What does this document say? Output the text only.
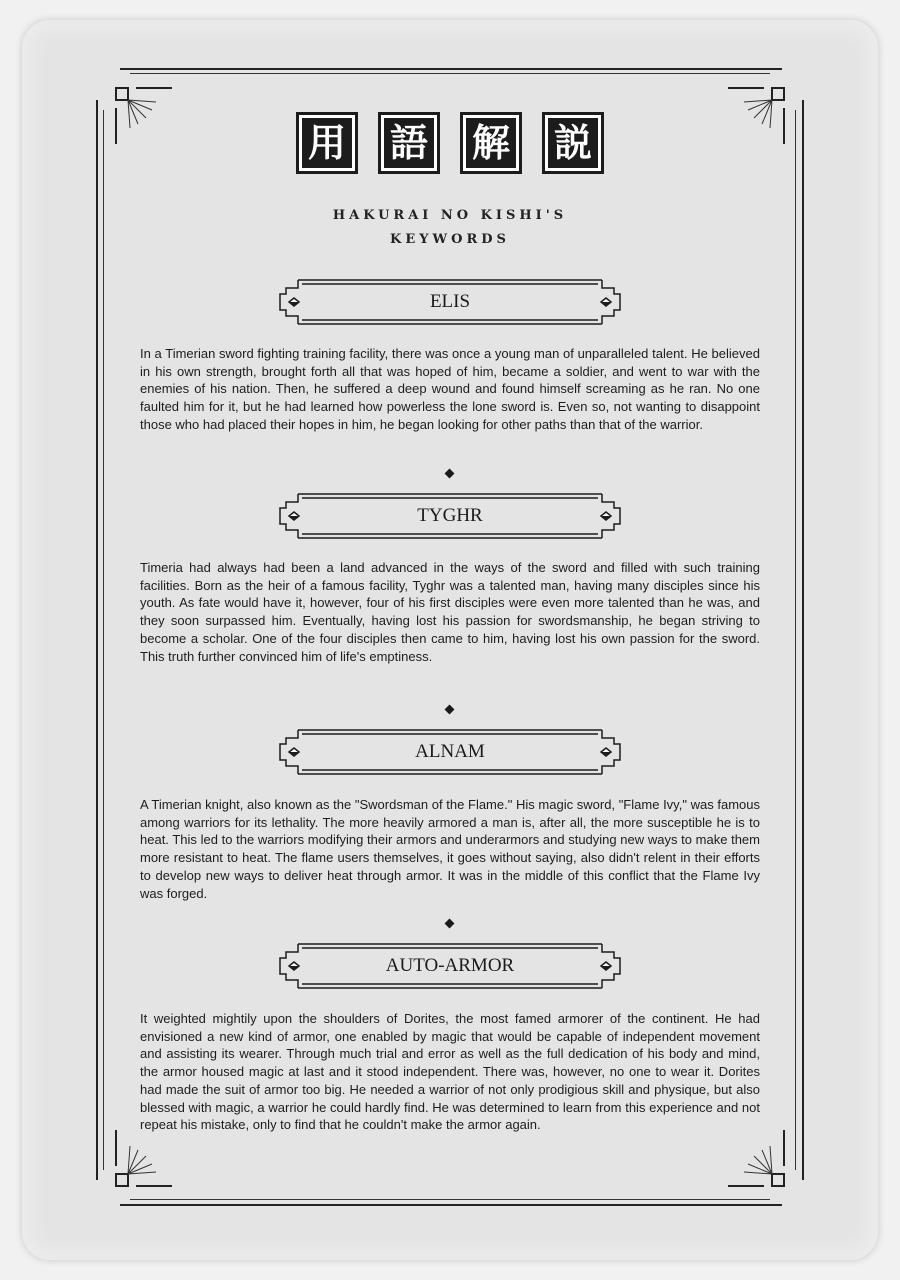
用 語 解 説
HAKURAI NO KISHI'S
KEYWORDS
ELIS

In a Timerian sword fighting training facility, there was once a young man of unparalleled talent. He believed in his own strength, brought forth all that was hoped of him, became a soldier, and went to war with the enemies of his nation. Then, he suffered a deep wound and found himself screaming as he ran. No one faulted him for it, but he had learned how powerless the lone sword is. Even so, not wanting to disappoint those who had placed their hopes in him, he began looking for other paths than that of the warrior.

TYGHR

Timeria had always had been a land advanced in the ways of the sword and filled with such training facilities. Born as the heir of a famous facility, Tyghr was a talented man, having many disciples since his youth. As fate would have it, however, four of his first disciples were even more talented than he was, and they soon surpassed him. Eventually, having lost his passion for swordsmanship, he began striving to become a scholar. One of the four disciples then came to him, having lost his own passion for the sword. This truth further convinced him of life's emptiness.

ALNAM

A Timerian knight, also known as the "Swordsman of the Flame." His magic sword, "Flame Ivy," was famous among warriors for its lethality. The more heavily armored a man is, after all, the more susceptible he is to heat. This led to the warriors modifying their armors and underarmors and studying new ways to make them more resistant to heat. The flame users themselves, it goes without saying, also didn't relent in their efforts to develop new ways to deliver heat through armor. It was in the middle of this conflict that the Flame Ivy was forged.

AUTO-ARMOR

It weighted mightily upon the shoulders of Dorites, the most famed armorer of the continent. He had envisioned a new kind of armor, one enabled by magic that would be capable of independent movement and assisting its wearer. Through much trial and error as well as the full dedication of his body and mind, the armor housed magic at last and it stood independent. There was, however, no one to wear it. Dorites had made the suit of armor too big. He needed a warrior of not only prodigious skill and physique, but also blessed with magic, a warrior he could hardly find. He was determined to learn from this experience and not repeat his mistake, only to find that he couldn't make the armor again.
